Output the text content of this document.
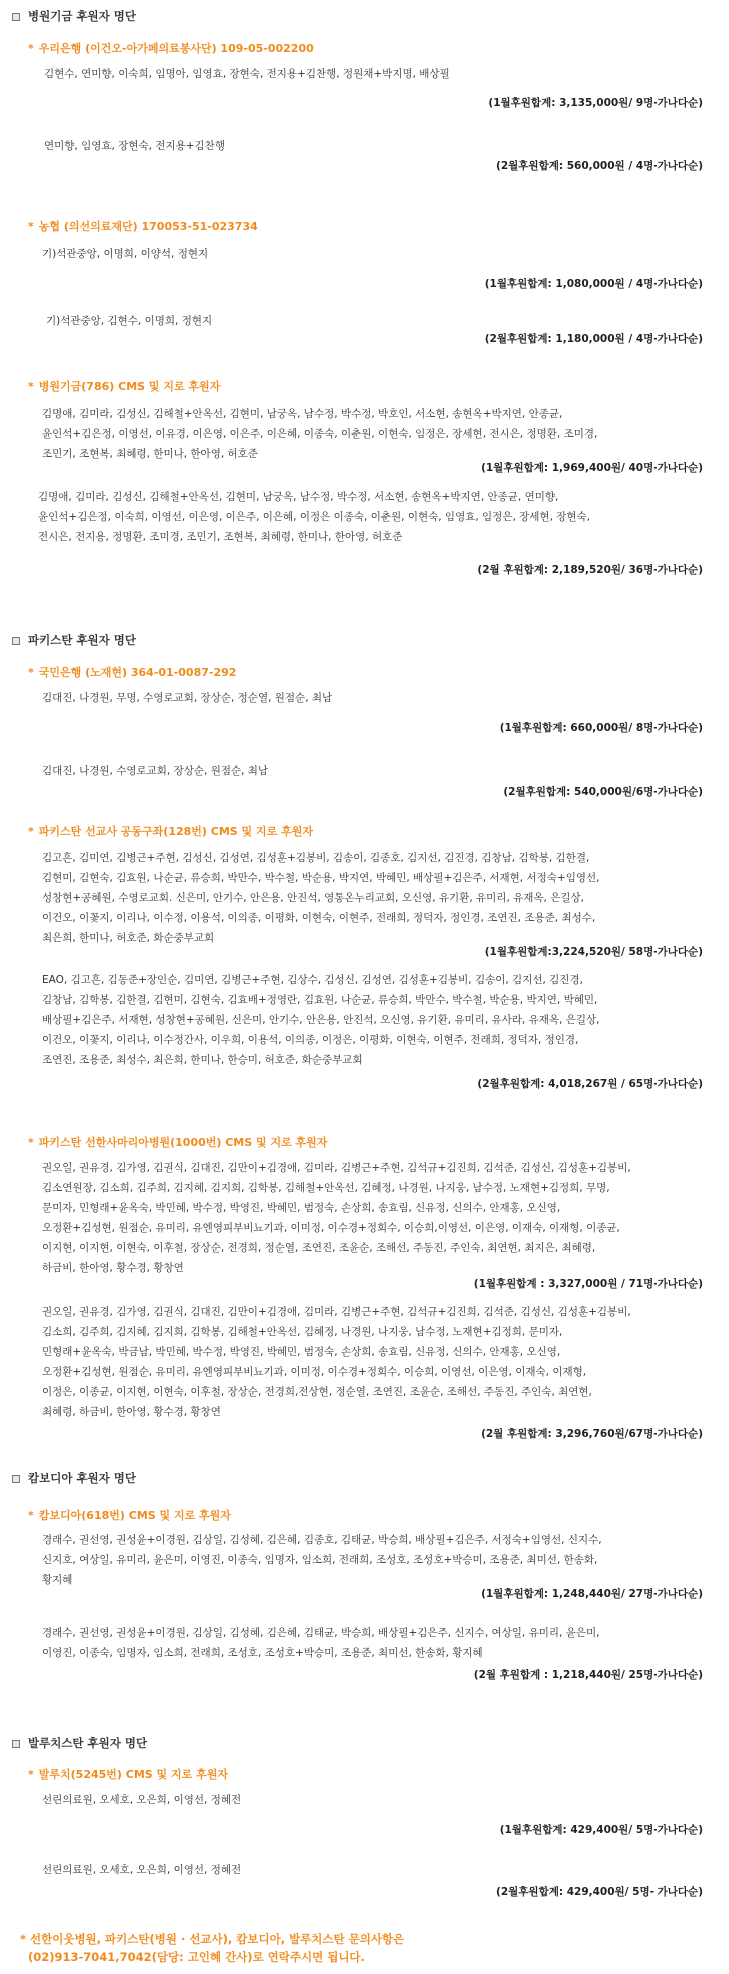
병원기금 후원자 명단
* 우리은행 (이건오-아가페의료봉사단) 109-05-002200
김현수, 연미향, 이숙희, 임명아, 임영효, 장현숙, 전지용+김찬행, 정원채+박지명, 배상필
(1월후원합계: 3,135,000원/ 9명-가나다순)
연미향, 임영효, 장현숙, 전지용+김찬행
(2월후원합계: 560,000원 / 4명-가나다순)
* 농협 (의선의료재단) 170053-51-023734
기)석관중앙, 이명희, 이양석, 정현지
(1월후원합계: 1,080,000원 / 4명-가나다순)
기)석관중앙, 김현수, 이명희, 정현지
(2월후원합계: 1,180,000원 / 4명-가나다순)
* 병원기금(786) CMS 및 지로 후원자
김명애, 김미라, 김성신, 김해철+안옥선, 김현미, 남궁옥, 남수정, 박수정, 박호인, 서소현, 송현옥+박지연, 안종균,
윤인석+김은정, 이영선, 이유경, 이은영, 이은주, 이은혜, 이종숙, 이춘원, 이현숙, 임정은, 장세현, 전시은, 정명환, 조미경,
조민기, 조현복, 최혜령, 한미나, 한아영, 허호준
(1월후원합계: 1,969,400원/ 40명-가나다순)
김명애, 김미라, 김성신, 김해철+안옥선, 김현미, 남궁옥, 남수정, 박수정, 서소현, 송현옥+박지연, 안종균, 연미향,
윤인석+김은정, 이숙희, 이영선, 이은영, 이은주, 이은혜, 이정은 이종숙, 이춘원, 이현숙, 임영효, 임정은, 장세현, 장현숙,
전시은, 전지용, 정명환, 조미경, 조민기, 조현복, 최혜령, 한미나, 한아영, 허호준
(2월 후원합계: 2,189,520원/ 36명-가나다순)
파키스탄 후원자 명단
* 국민은행 (노재현) 364-01-0087-292
김대진, 나경원, 무명, 수영로교회, 장상순, 정순열, 원점순, 최남
(1월후원합계: 660,000원/ 8명-가나다순)
김대진, 나경원, 수영로교회, 장상순, 원점순, 최남
(2월후원합계: 540,000원/6명-가나다순)
* 파키스탄 선교사 공동구좌(128번) CMS 및 지로 후원자
김고흔, 김미연, 김병근+주현, 김성신, 김성연, 김성훈+김봉비, 김송이, 김종호, 김지선, 김진경, 김창남, 김학봉, 김한결,
김현미, 김현숙, 김효원, 나순균, 류승희, 박만수, 박수철, 박순용, 박지연, 박혜민, 배상필+김은주, 서재현, 서정숙+임영선,
성창현+공혜원, 수영로교회. 신은미, 안기수, 안은용, 안진석, 영통온누리교회, 오신영, 유기환, 유미리, 유재옥, 은길상,
이건오, 이꽃지, 이리나, 이수정, 이용석, 이의종, 이평화, 이현숙, 이현주, 전래희, 정덕자, 정인경, 조연진, 조용준, 최성수,
최은희, 한미나, 허호준, 화순중부교회
(1월후원합계:3,224,520원/ 58명-가나다순)
EAO, 김고흔, 김동준+장인순, 김미연, 김병근+주현, 김상수, 김성신, 김성연, 김성훈+김봉비, 김송이, 김지선, 김진경,
김창남, 김학봉, 김한결, 김현미, 김현숙, 김효배+정영란, 김효원, 나순균, 류승희, 박만수, 박수철, 박순용, 박지연, 박혜민,
배상필+김은주, 서재현, 성창현+공혜원, 신은미, 안기수, 안은용, 안진석, 오신영, 유기환, 유미리, 유사라, 유재옥, 은길상,
이건오, 이꽃지, 이리나, 이수정간사, 이우희, 이용석, 이의종, 이정은, 이평화, 이현숙, 이현주, 전래희, 정덕자, 정인경,
조연진, 조용준, 최성수, 최은희, 한미나, 한승미, 허호준, 화순중부교회
(2월후원합계: 4,018,267원 / 65명-가나다순)
* 파키스탄 선한사마리아병원(1000번) CMS 및 지로 후원자
권오일, 권유경, 김가영, 김권식, 김대진, 김만이+김경애, 김미라, 김병근+주현, 김석규+김진희, 김석준, 김성신, 김성훈+김봉비,
김소연원장, 김소희, 김주희, 김지혜, 김지희, 김학봉, 김해철+안옥선, 김혜정, 나경원, 나지웅, 남수정, 노재현+김정희, 무명,
문미자, 민형래+윤옥숙, 박민혜, 박수정, 박영진, 박혜민, 범정숙, 손상희, 송효림, 신유정, 신의수, 안재홍, 오신영,
오정환+김성현, 원점순, 유미리, 유엔영피부비뇨기과, 이미정, 이수경+정회수, 이승희,이영선, 이은영, 이재숙, 이재형, 이종균,
이지현, 이지현, 이현숙, 이후철, 장상순, 전경희, 정순열, 조연진, 조윤순, 조해선, 주동진, 주인숙, 최연현, 최지은, 최혜령,
하금비, 한아영, 황수경, 황창연
(1월후원합계 : 3,327,000원 / 71명-가나다순)
권오일, 권유경, 김가영, 김권식, 김대진, 김만이+김경애, 김미라, 김병근+주현, 김석규+김진희, 김석준, 김성신, 김성훈+김봉비,
김소희, 김주희, 김지혜, 김지희, 김학봉, 김해철+안옥선, 김혜정, 나경원, 나지웅, 남수정, 노재현+김정희, 문미자,
민형래+윤옥숙, 박금남, 박민혜, 박수정, 박영진, 박혜민, 범정숙, 손상희, 송효림, 신유정, 신의수, 안재홍, 오신영,
오정환+김성현, 원점순, 유미리, 유엔영피부비뇨기과, 이미정, 이수경+정회수, 이승희, 이영선, 이은영, 이재숙, 이재형,
이정은, 이종균, 이지현, 이현숙, 이후철, 장상순, 전경희,전상현, 정순열, 조연진, 조윤순, 조해선, 주동진, 주인숙, 최연현,
최혜령, 하금비, 한아영, 황수경, 황창연
(2월 후원합계: 3,296,760원/67명-가나다순)
캄보디아 후원자 명단
* 캄보디아(618번) CMS 및 지로 후원자
경래수, 권선영, 권성윤+이경원, 김상일, 김성혜, 김은혜, 김종호, 김태균, 박승희, 배상필+김은주, 서정숙+임영선, 신지수,
신지호, 여상일, 유미리, 윤은미, 이영진, 이종숙, 임명자, 임소희, 전래희, 조성호, 조성호+박승미, 조용준, 최미선, 한송화,
황지혜
(1월후원합계: 1,248,440원/ 27명-가나다순)
경래수, 권선영, 권성윤+이경원, 김상일, 김성혜, 김은혜, 김태균, 박승희, 배상필+김은주, 신지수, 여상일, 유미리, 윤은미,
이영진, 이종숙, 임명자, 임소희, 전래희, 조성호, 조성호+박승미, 조용준, 최미선, 한송화, 황지혜
(2월 후원합계 : 1,218,440원/ 25명-가나다순)
발루치스탄 후원자 명단
* 발루치(5245번) CMS 및 지로 후원자
선린의료원, 오세호, 오은희, 이영선, 정혜전
(1월후원합계: 429,400원/ 5명-가나다순)
선린의료원, 오세호, 오은희, 이영선, 정혜전
(2월후원합계: 429,400원/ 5명- 가나다순)
* 선한이웃병원, 파키스탄(병원 · 선교사), 캄보디아, 발루치스탄 문의사항은
(02)913-7041,7042(담당: 고인혜 간사)로 연락주시면 됩니다.
